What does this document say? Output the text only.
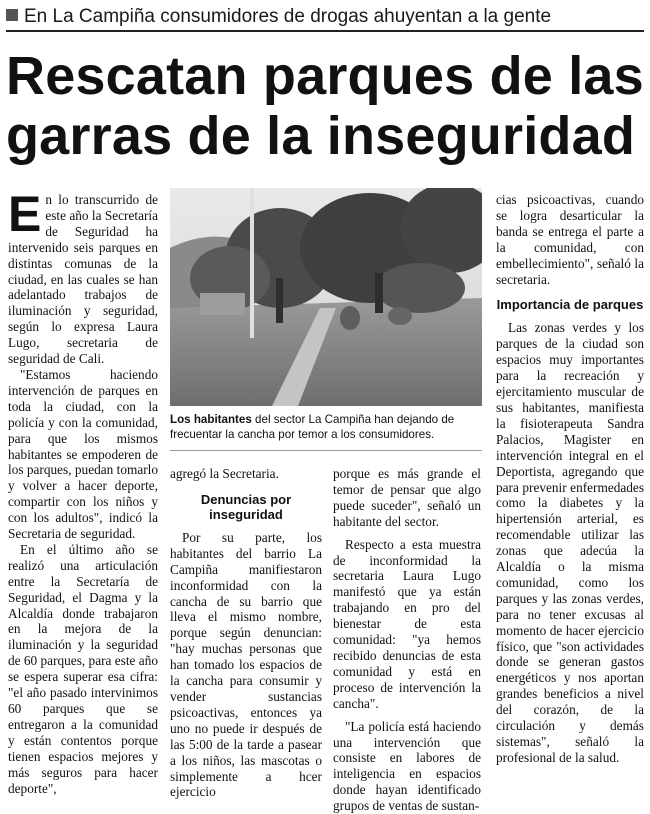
En La Campiña consumidores de drogas ahuyentan a la gente
Rescatan parques de las
garras de la inseguridad
E n lo transcurrido de este año la Secretaría de Seguridad ha intervenido seis parques en distintas comunas de la ciudad, en las cuales se han adelantado trabajos de iluminación y seguridad, según lo expresa Laura Lugo, secretaria de seguridad de Cali.

"Estamos haciendo intervención de parques en toda la ciudad, con la policía y con la comunidad, para que los mismos habitantes se empoderen de los parques, puedan tomarlo y volver a hacer deporte, compartir con los niños y con los adultos", indicó la Secretaria de seguridad.

En el último año se realizó una articulación entre la Secretaría de Seguridad, el Dagma y la Alcaldía donde trabajaron en la mejora de la iluminación y la seguridad de 60 parques, para este año se espera superar esa cifra: "el año pasado intervinimos 60 parques que se entregaron a la comunidad y están contentos porque tienen espacios mejores y más seguros para hacer deporte",

Los habitantes del sector La Campiña han dejando de frecuentar la cancha por temor a los consumidores.

agregó la Secretaria.

Denuncias por inseguridad

Por su parte, los habitantes del barrio La Campiña manifiestaron inconformidad con la cancha de su barrio que lleva el mismo nombre, porque según denuncian: "hay muchas personas que han tomado los espacios de la cancha para consumir y vender sustancias psicoactivas, entonces ya uno no puede ir después de las 5:00 de la tarde a pasear a los niños, las mascotas o simplemente a hcer ejercicio

porque es más grande el temor de pensar que algo puede suceder", señaló un habitante del sector.

Respecto a esta muestra de inconformidad la secretaria Laura Lugo manifestó que ya están trabajando en pro del bienestar de esta comunidad: "ya hemos recibido denuncias de esta comunidad y está en proceso de intervención la cancha".

"La policía está haciendo una intervención que consiste en labores de inteligencia en espacios donde hayan identificado grupos de ventas de sustan-

cias psicoactivas, cuando se logra desarticular la banda se entrega el parte a la comunidad, con embellecimiento", señaló la secretaria.

Importancia de parques

Las zonas verdes y los parques de la ciudad son espacios muy importantes para la recreación y ejercitamiento muscular de sus habitantes, manifiesta la fisioterapeuta Sandra Palacios, Magister en intervención integral en el Deportista, agregando que para prevenir enfermedades como la diabetes y la hipertensión arterial, es recomendable utilizar las zonas que adecúa la Alcaldía o la misma comunidad, como los parques y las zonas verdes, para no tener excusas al momento de hacer ejercicio físico, que "son actividades donde se generan gastos energéticos y nos aportan grandes beneficios a nivel del corazón, de la circulación y demás sistemas", señaló la profesional de la salud.
